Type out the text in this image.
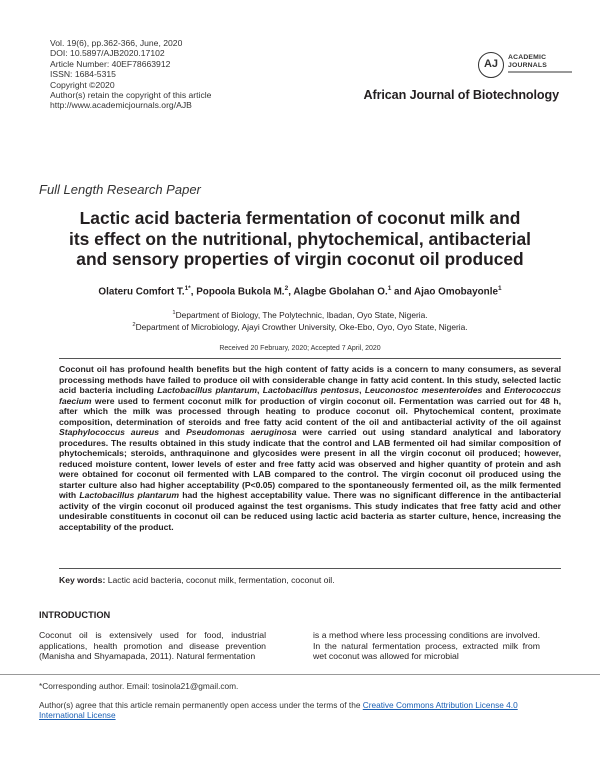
Vol. 19(6), pp.362-366, June, 2020
DOI: 10.5897/AJB2020.17102
Article Number: 40EF78663912
ISSN: 1684-5315
Copyright ©2020
Author(s) retain the copyright of this article
http://www.academicjournals.org/AJB
AJ
ACADEMIC
JOURNALS
African Journal of Biotechnology
Full Length Research Paper
Lactic acid bacteria fermentation of coconut milk and
its effect on the nutritional, phytochemical, antibacterial
and sensory properties of virgin coconut oil produced
Olateru Comfort T.$^{1*}$, Popoola Bukola M.$^2$, Alagbe Gbolahan O.$^1$ and Ajao Omobayonle$^1$
$^1$Department of Biology, The Polytechnic, Ibadan, Oyo State, Nigeria.
$^2$Department of Microbiology, Ajayi Crowther University, Oke-Ebo, Oyo, Oyo State, Nigeria.
Received 20 February, 2020; Accepted 7 April, 2020

Coconut oil has profound health benefits but the high content of fatty acids is a concern to many consumers, as several processing methods have failed to produce oil with considerable change in fatty acid content. In this study, selected lactic acid bacteria including Lactobacillus plantarum, Lactobacillus pentosus, Leuconostoc mesenteroides and Enterococcus faecium were used to ferment coconut milk for production of virgin coconut oil. Fermentation was carried out for 48 h, after which the milk was processed through heating to produce coconut oil. Phytochemical content, proximate composition, determination of steroids and free fatty acid content of the oil and antibacterial activity of the oil against Staphylococcus aureus and Pseudomonas aeruginosa were carried out using standard analytical and laboratory procedures. The results obtained in this study indicate that the control and LAB fermented oil had similar composition of phytochemicals; steroids, anthraquinone and glycosides were present in all the virgin coconut oil produced; however, reduced moisture content, lower levels of ester and free fatty acid was observed and higher quantity of protein and ash were obtained for coconut oil fermented with LAB compared to the control. The virgin coconut oil produced using the starter culture also had higher acceptability (P<0.05) compared to the spontaneously fermented oil, as the milk fermented with Lactobacillus plantarum had the highest acceptability value. There was no significant difference in the antibacterial activity of the virgin coconut oil produced against the test organisms. This study indicates that free fatty acid and other undesirable constituents in coconut oil can be reduced using lactic acid bacteria as starter culture, hence, increasing the acceptability of the product.

Key words: Lactic acid bacteria, coconut milk, fermentation, coconut oil.
INTRODUCTION

Coconut oil is extensively used for food, industrial applications, health promotion and disease prevention (Manisha and Shyamapada, 2011). Natural fermentation

is a method where less processing conditions are involved. In the natural fermentation process, extracted milk from wet coconut was allowed for microbial

*Corresponding author. Email: tosinola21@gmail.com.
Author(s) agree that this article remain permanently open access under the terms of the Creative Commons Attribution License 4.0 International License
